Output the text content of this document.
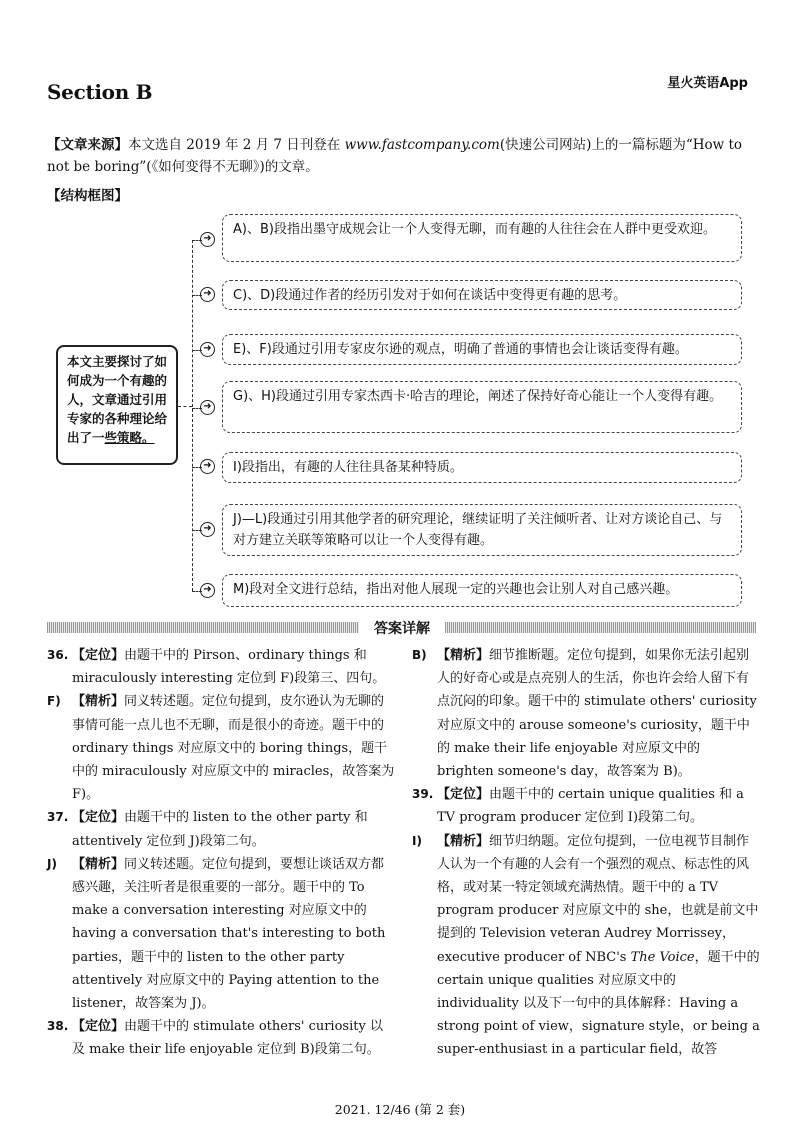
Section B	星火英语App
【文章来源】本文选自 2019 年 2 月 7 日刊登在 www.fastcompany.com(快速公司网站)上的一篇标题为“How to not be boring”(《如何变得不无聊》)的文章。
【结构框图】
本文主要探讨了如何成为一个有趣的人，文章通过引用专家的各种理论给出了一些策略。
➜
A)、B)段指出墨守成规会让一个人变得无聊，而有趣的人往往会在人群中更受欢迎。
➜	C)、D)段通过作者的经历引发对于如何在谈话中变得更有趣的思考。
➜	E)、F)段通过引用专家皮尔逊的观点，明确了普通的事情也会让谈话变得有趣。
➜
G)、H)段通过引用专家杰西卡·哈吉的理论，阐述了保持好奇心能让一个人变得有趣。
➜	I)段指出，有趣的人往往具备某种特质。
➜
J)—L)段通过引用其他学者的研究理论，继续证明了关注倾听者、让对方谈论自己、与对方建立关联等策略可以让一个人变得有趣。
➜	M)段对全文进行总结，指出对他人展现一定的兴趣也会让别人对自己感兴趣。
答案详解
36. 【定位】由题干中的 Pirson、ordinary things 和 miraculously interesting 定位到 F)段第三、四句。
F) 【精析】同义转述题。定位句提到，皮尔逊认为无聊的事情可能一点儿也不无聊，而是很小的奇迹。题干中的 ordinary things 对应原文中的 boring things，题干中的 miraculously 对应原文中的 miracles，故答案为 F)。
37. 【定位】由题干中的 listen to the other party 和 attentively 定位到 J)段第二句。
J) 【精析】同义转述题。定位句提到，要想让谈话双方都感兴趣，关注听者是很重要的一部分。题干中的 To make a conversation interesting 对应原文中的 having a conversation that's interesting to both parties，题干中的 listen to the other party attentively 对应原文中的 Paying attention to the listener，故答案为 J)。
38. 【定位】由题干中的 stimulate others' curiosity 以及 make their life enjoyable 定位到 B)段第二句。
B) 【精析】细节推断题。定位句提到，如果你无法引起别人的好奇心或是点亮别人的生活，你也许会给人留下有点沉闷的印象。题干中的 stimulate others' curiosity 对应原文中的 arouse someone's curiosity，题干中的 make their life enjoyable 对应原文中的 brighten someone's day，故答案为 B)。
39. 【定位】由题干中的 certain unique qualities 和 a TV program producer 定位到 I)段第二句。
I) 【精析】细节归纳题。定位句提到，一位电视节目制作人认为一个有趣的人会有一个强烈的观点、标志性的风格，或对某一特定领域充满热情。题干中的 a TV program producer 对应原文中的 she，也就是前文中提到的 Television veteran Audrey Morrissey，executive producer of NBC's The Voice，题干中的 certain unique qualities 对应原文中的 individuality 以及下一句中的具体解释：Having a strong point of view，signature style，or being a super-enthusiast in a particular field，故答
2021. 12/46 (第 2 套)
